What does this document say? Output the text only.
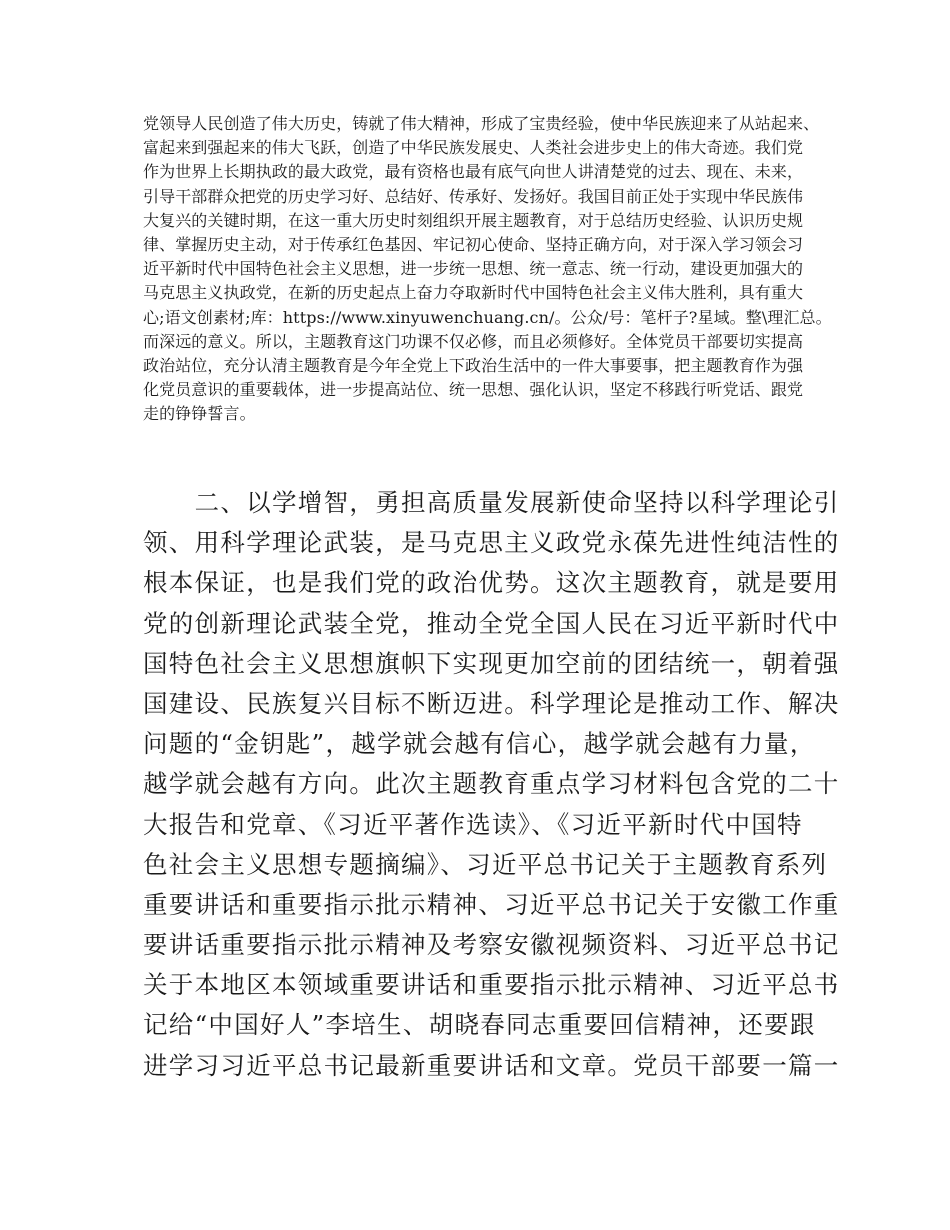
党领导人民创造了伟大历史，铸就了伟大精神，形成了宝贵经验，使中华民族迎来了从站起来、
富起来到强起来的伟大飞跃，创造了中华民族发展史、人类社会进步史上的伟大奇迹。我们党
作为世界上长期执政的最大政党，最有资格也最有底气向世人讲清楚党的过去、现在、未来，
引导干部群众把党的历史学习好、总结好、传承好、发扬好。我国目前正处于实现中华民族伟
大复兴的关键时期，在这一重大历史时刻组织开展主题教育，对于总结历史经验、认识历史规
律、掌握历史主动，对于传承红色基因、牢记初心使命、坚持正确方向，对于深入学习领会习
近平新时代中国特色社会主义思想，进一步统一思想、统一意志、统一行动，建设更加强大的
马克思主义执政党，在新的历史起点上奋力夺取新时代中国特色社会主义伟大胜利，具有重大
心;语文创素材;库：https://www.xinyuwenchuang.cn/。公众/号：笔杆子?星域。整\理汇总。
而深远的意义。所以，主题教育这门功课不仅必修，而且必须修好。全体党员干部要切实提高
政治站位，充分认清主题教育是今年全党上下政治生活中的一件大事要事，把主题教育作为强
化党员意识的重要载体，进一步提高站位、统一思想、强化认识，坚定不移践行听党话、跟党
走的铮铮誓言。
　　二、以学增智，勇担高质量发展新使命坚持以科学理论引
领、用科学理论武装，是马克思主义政党永葆先进性纯洁性的
根本保证，也是我们党的政治优势。这次主题教育，就是要用
党的创新理论武装全党，推动全党全国人民在习近平新时代中
国特色社会主义思想旗帜下实现更加空前的团结统一，朝着强
国建设、民族复兴目标不断迈进。科学理论是推动工作、解决
问题的“金钥匙”，越学就会越有信心，越学就会越有力量，
越学就会越有方向。此次主题教育重点学习材料包含党的二十
大报告和党章、《习近平著作选读》、《习近平新时代中国特
色社会主义思想专题摘编》、习近平总书记关于主题教育系列
重要讲话和重要指示批示精神、习近平总书记关于安徽工作重
要讲话重要指示批示精神及考察安徽视频资料、习近平总书记
关于本地区本领域重要讲话和重要指示批示精神、习近平总书
记给“中国好人”李培生、胡晓春同志重要回信精神，还要跟
进学习习近平总书记最新重要讲话和文章。党员干部要一篇一
